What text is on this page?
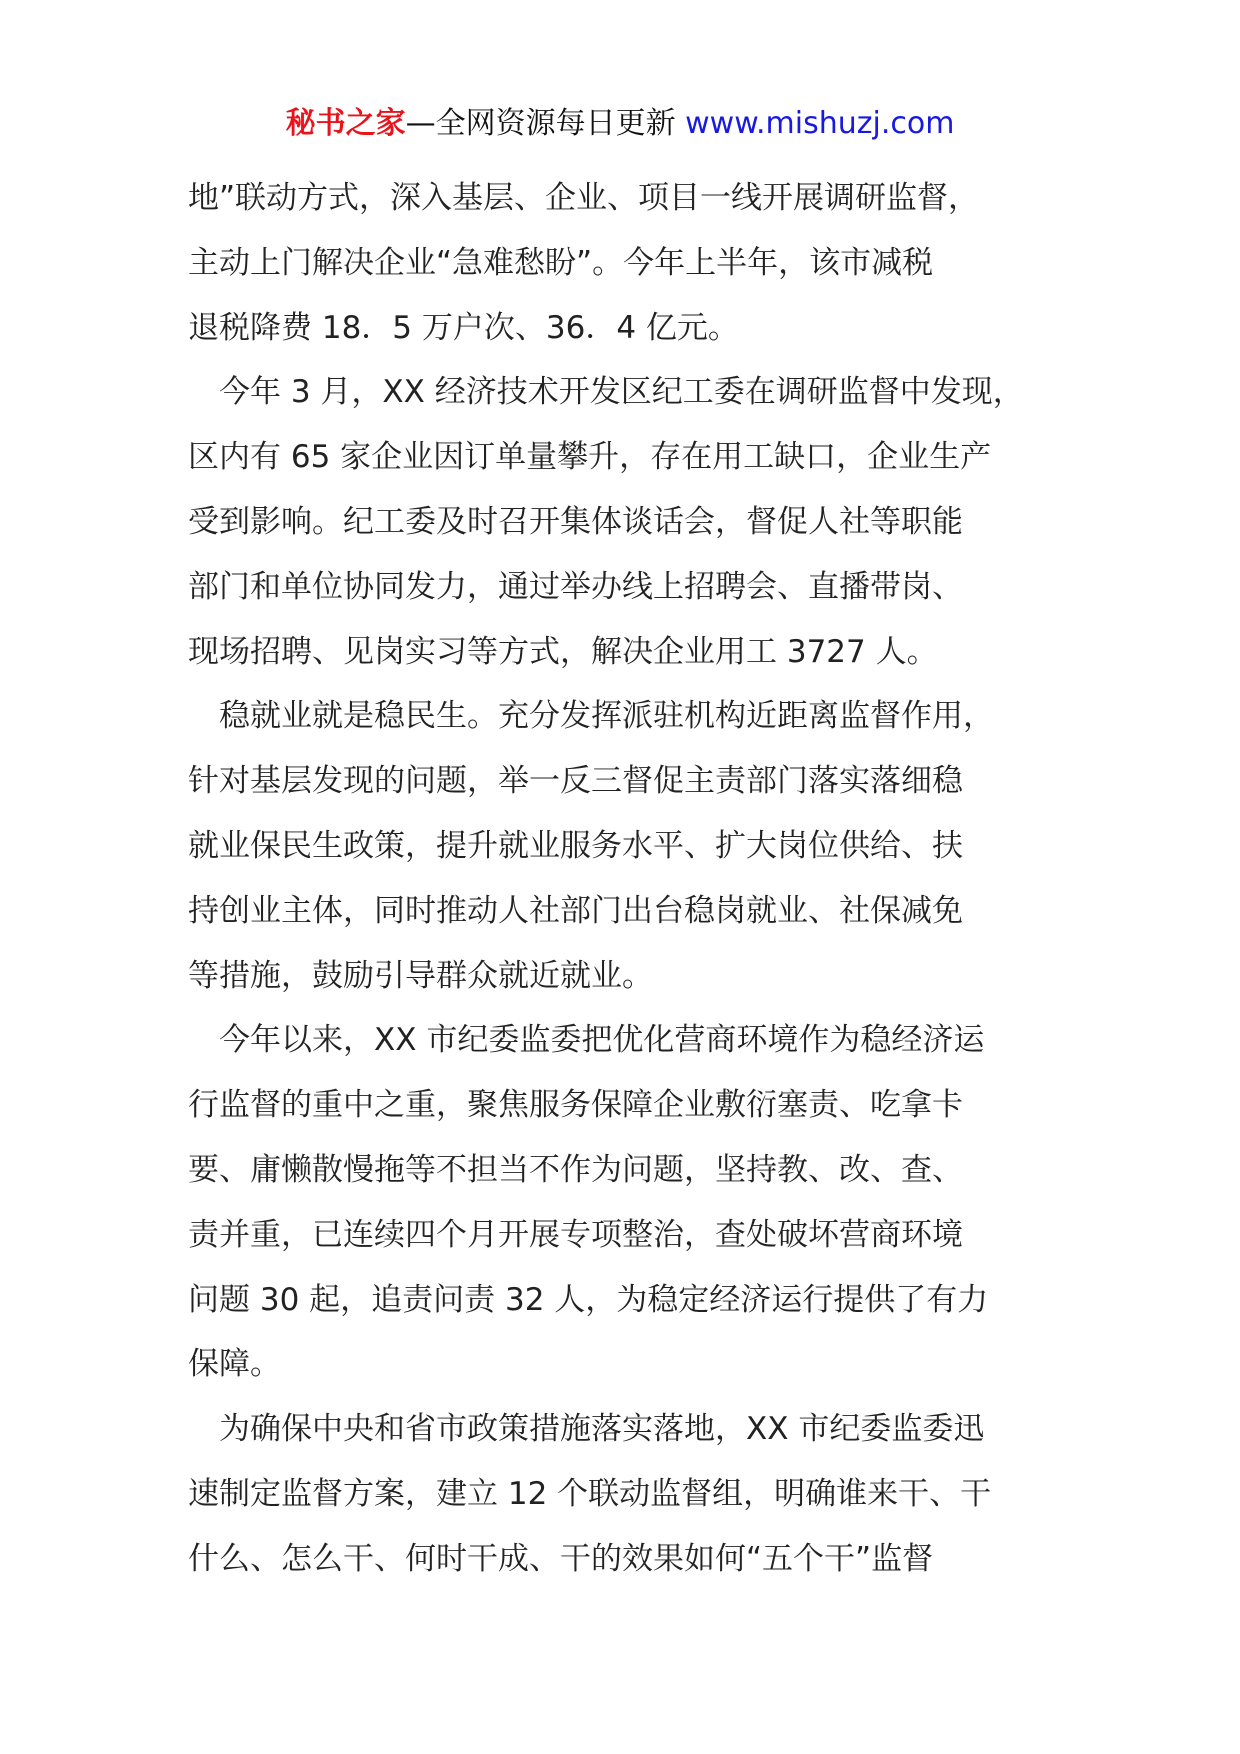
秘书之家—全网资源每日更新 www.mishuzj.com

地”联动方式，深入基层、企业、项目一线开展调研监督，
主动上门解决企业“急难愁盼”。今年上半年，该市减税
退税降费 18．5 万户次、36．4 亿元。

　今年 3 月，XX 经济技术开发区纪工委在调研监督中发现，
区内有 65 家企业因订单量攀升，存在用工缺口，企业生产
受到影响。纪工委及时召开集体谈话会，督促人社等职能
部门和单位协同发力，通过举办线上招聘会、直播带岗、
现场招聘、见岗实习等方式，解决企业用工 3727 人。

　稳就业就是稳民生。充分发挥派驻机构近距离监督作用，
针对基层发现的问题，举一反三督促主责部门落实落细稳
就业保民生政策，提升就业服务水平、扩大岗位供给、扶
持创业主体，同时推动人社部门出台稳岗就业、社保减免
等措施，鼓励引导群众就近就业。

　今年以来，XX 市纪委监委把优化营商环境作为稳经济运
行监督的重中之重，聚焦服务保障企业敷衍塞责、吃拿卡
要、庸懒散慢拖等不担当不作为问题，坚持教、改、查、
责并重，已连续四个月开展专项整治，查处破坏营商环境
问题 30 起，追责问责 32 人，为稳定经济运行提供了有力
保障。

　为确保中央和省市政策措施落实落地，XX 市纪委监委迅
速制定监督方案，建立 12 个联动监督组，明确谁来干、干
什么、怎么干、何时干成、干的效果如何“五个干”监督
